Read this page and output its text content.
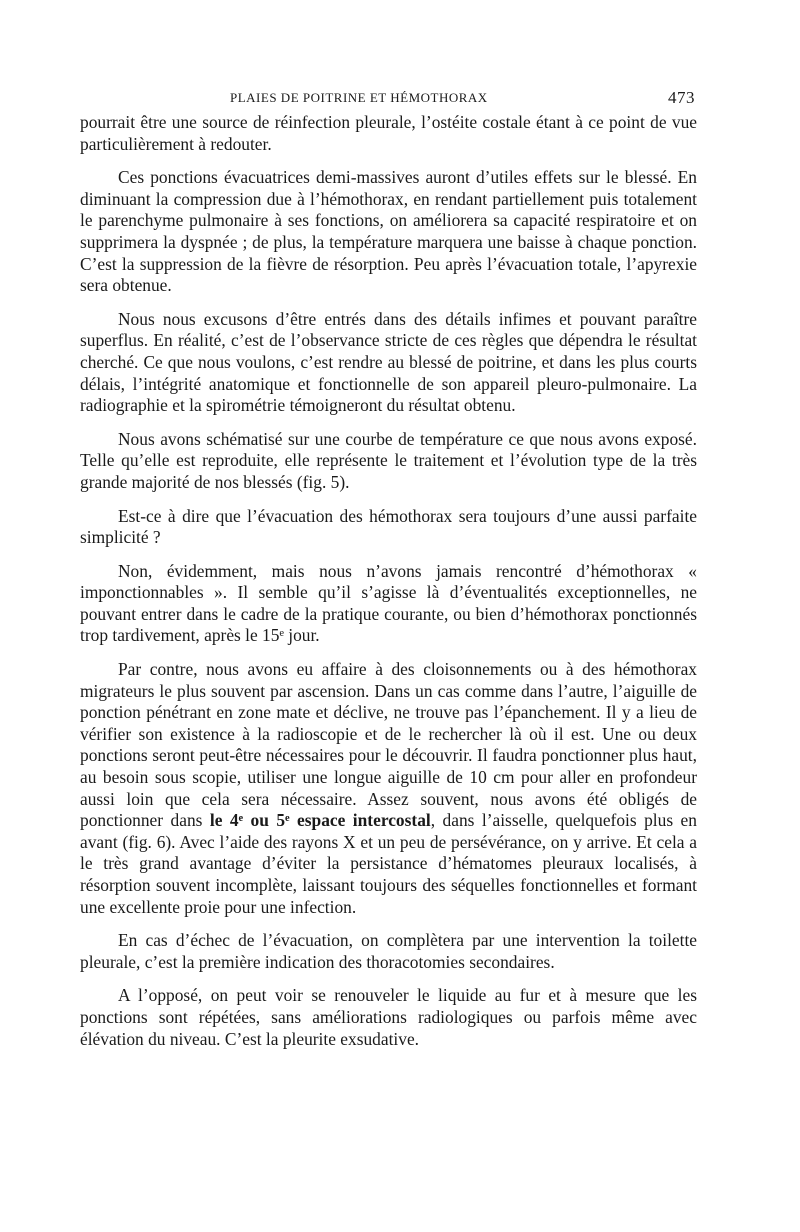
PLAIES DE POITRINE ET HÉMOTHORAX	473

pourrait être une source de réinfection pleurale, l’ostéite costale étant à ce point de vue particulièrement à redouter.

Ces ponctions évacuatrices demi-massives auront d’utiles effets sur le blessé. En diminuant la compression due à l’hémothorax, en rendant partiellement puis totalement le parenchyme pulmonaire à ses fonctions, on améliorera sa capacité respiratoire et on supprimera la dyspnée ; de plus, la température marquera une baisse à chaque ponction. C’est la suppression de la fièvre de résorption. Peu après l’évacuation totale, l’apyrexie sera obtenue.

Nous nous excusons d’être entrés dans des détails infimes et pouvant paraître superflus. En réalité, c’est de l’observance stricte de ces règles que dépendra le résultat cherché. Ce que nous voulons, c’est rendre au blessé de poitrine, et dans les plus courts délais, l’intégrité anatomique et fonctionnelle de son appareil pleuro-pulmonaire. La radiographie et la spirométrie témoigneront du résultat obtenu.

Nous avons schématisé sur une courbe de température ce que nous avons exposé. Telle qu’elle est reproduite, elle représente le traitement et l’évolution type de la très grande majorité de nos blessés (fig. 5).

Est-ce à dire que l’évacuation des hémothorax sera toujours d’une aussi parfaite simplicité ?

Non, évidemment, mais nous n’avons jamais rencontré d’hémothorax « imponctionnables ». Il semble qu’il s’agisse là d’éventualités exceptionnelles, ne pouvant entrer dans le cadre de la pratique courante, ou bien d’hémothorax ponctionnés trop tardivement, après le 15ᵉ jour.

Par contre, nous avons eu affaire à des cloisonnements ou à des hémothorax migrateurs le plus souvent par ascension. Dans un cas comme dans l’autre, l’aiguille de ponction pénétrant en zone mate et déclive, ne trouve pas l’épanchement. Il y a lieu de vérifier son existence à la radioscopie et de le rechercher là où il est. Une ou deux ponctions seront peut-être nécessaires pour le découvrir. Il faudra ponctionner plus haut, au besoin sous scopie, utiliser une longue aiguille de 10 cm pour aller en profondeur aussi loin que cela sera nécessaire. Assez souvent, nous avons été obligés de ponctionner dans le 4ᵉ ou 5ᵉ espace intercostal, dans l’aisselle, quelquefois plus en avant (fig. 6). Avec l’aide des rayons X et un peu de persévérance, on y arrive. Et cela a le très grand avantage d’éviter la persistance d’hématomes pleuraux localisés, à résorption souvent incomplète, laissant toujours des séquelles fonctionnelles et formant une excellente proie pour une infection.

En cas d’échec de l’évacuation, on complètera par une intervention la toilette pleurale, c’est la première indication des thoracotomies secondaires.

A l’opposé, on peut voir se renouveler le liquide au fur et à mesure que les ponctions sont répétées, sans améliorations radiologiques ou parfois même avec élévation du niveau. C’est la pleurite exsudative.
